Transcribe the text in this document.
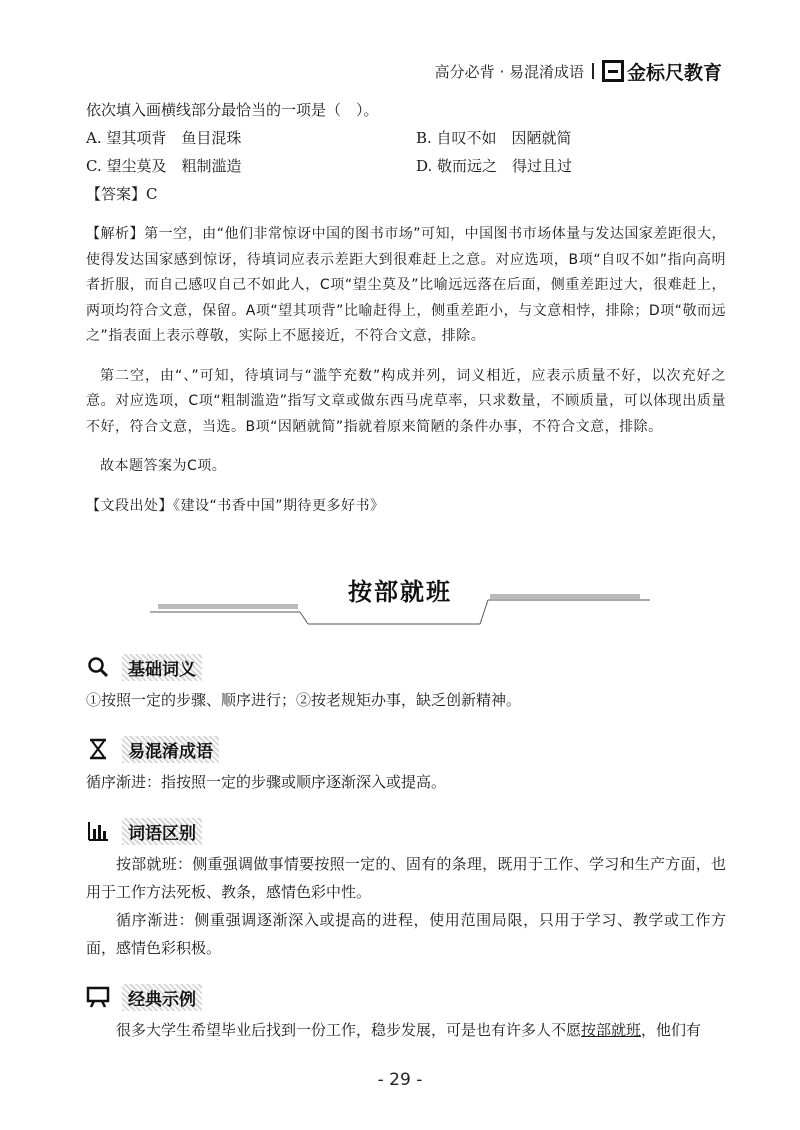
高分必背 · 易混淆成语 金标尺教育

依次填入画横线部分最恰当的一项是（　）。

A. 望其项背　鱼目混珠	B. 自叹不如　因陋就简
C. 望尘莫及　粗制滥造	D. 敬而远之　得过且过

【答案】C

【解析】第一空，由“他们非常惊讶中国的图书市场”可知，中国图书市场体量与发达国家差距很大，使得发达国家感到惊讶，待填词应表示差距大到很难赶上之意。对应选项，B项“自叹不如”指向高明者折服，而自己感叹自己不如此人，C项“望尘莫及”比喻远远落在后面，侧重差距过大，很难赶上，两项均符合文意，保留。A项“望其项背”比喻赶得上，侧重差距小，与文意相悖，排除；D项“敬而远之”指表面上表示尊敬，实际上不愿接近，不符合文意，排除。

第二空，由“、”可知，待填词与“滥竽充数”构成并列，词义相近，应表示质量不好，以次充好之意。对应选项，C项“粗制滥造”指写文章或做东西马虎草率，只求数量，不顾质量，可以体现出质量不好，符合文意，当选。B项“因陋就简”指就着原来简陋的条件办事，不符合文意，排除。

故本题答案为C项。

【文段出处】《建设“书香中国”期待更多好书》

按部就班
基础词义

①按照一定的步骤、顺序进行；②按老规矩办事，缺乏创新精神。

易混淆成语

循序渐进：指按照一定的步骤或顺序逐渐深入或提高。

词语区别

按部就班：侧重强调做事情要按照一定的、固有的条理，既用于工作、学习和生产方面，也用于工作方法死板、教条，感情色彩中性。

循序渐进：侧重强调逐渐深入或提高的进程，使用范围局限，只用于学习、教学或工作方面，感情色彩积极。

经典示例

很多大学生希望毕业后找到一份工作，稳步发展，可是也有许多人不愿按部就班，他们有

- 29 -
